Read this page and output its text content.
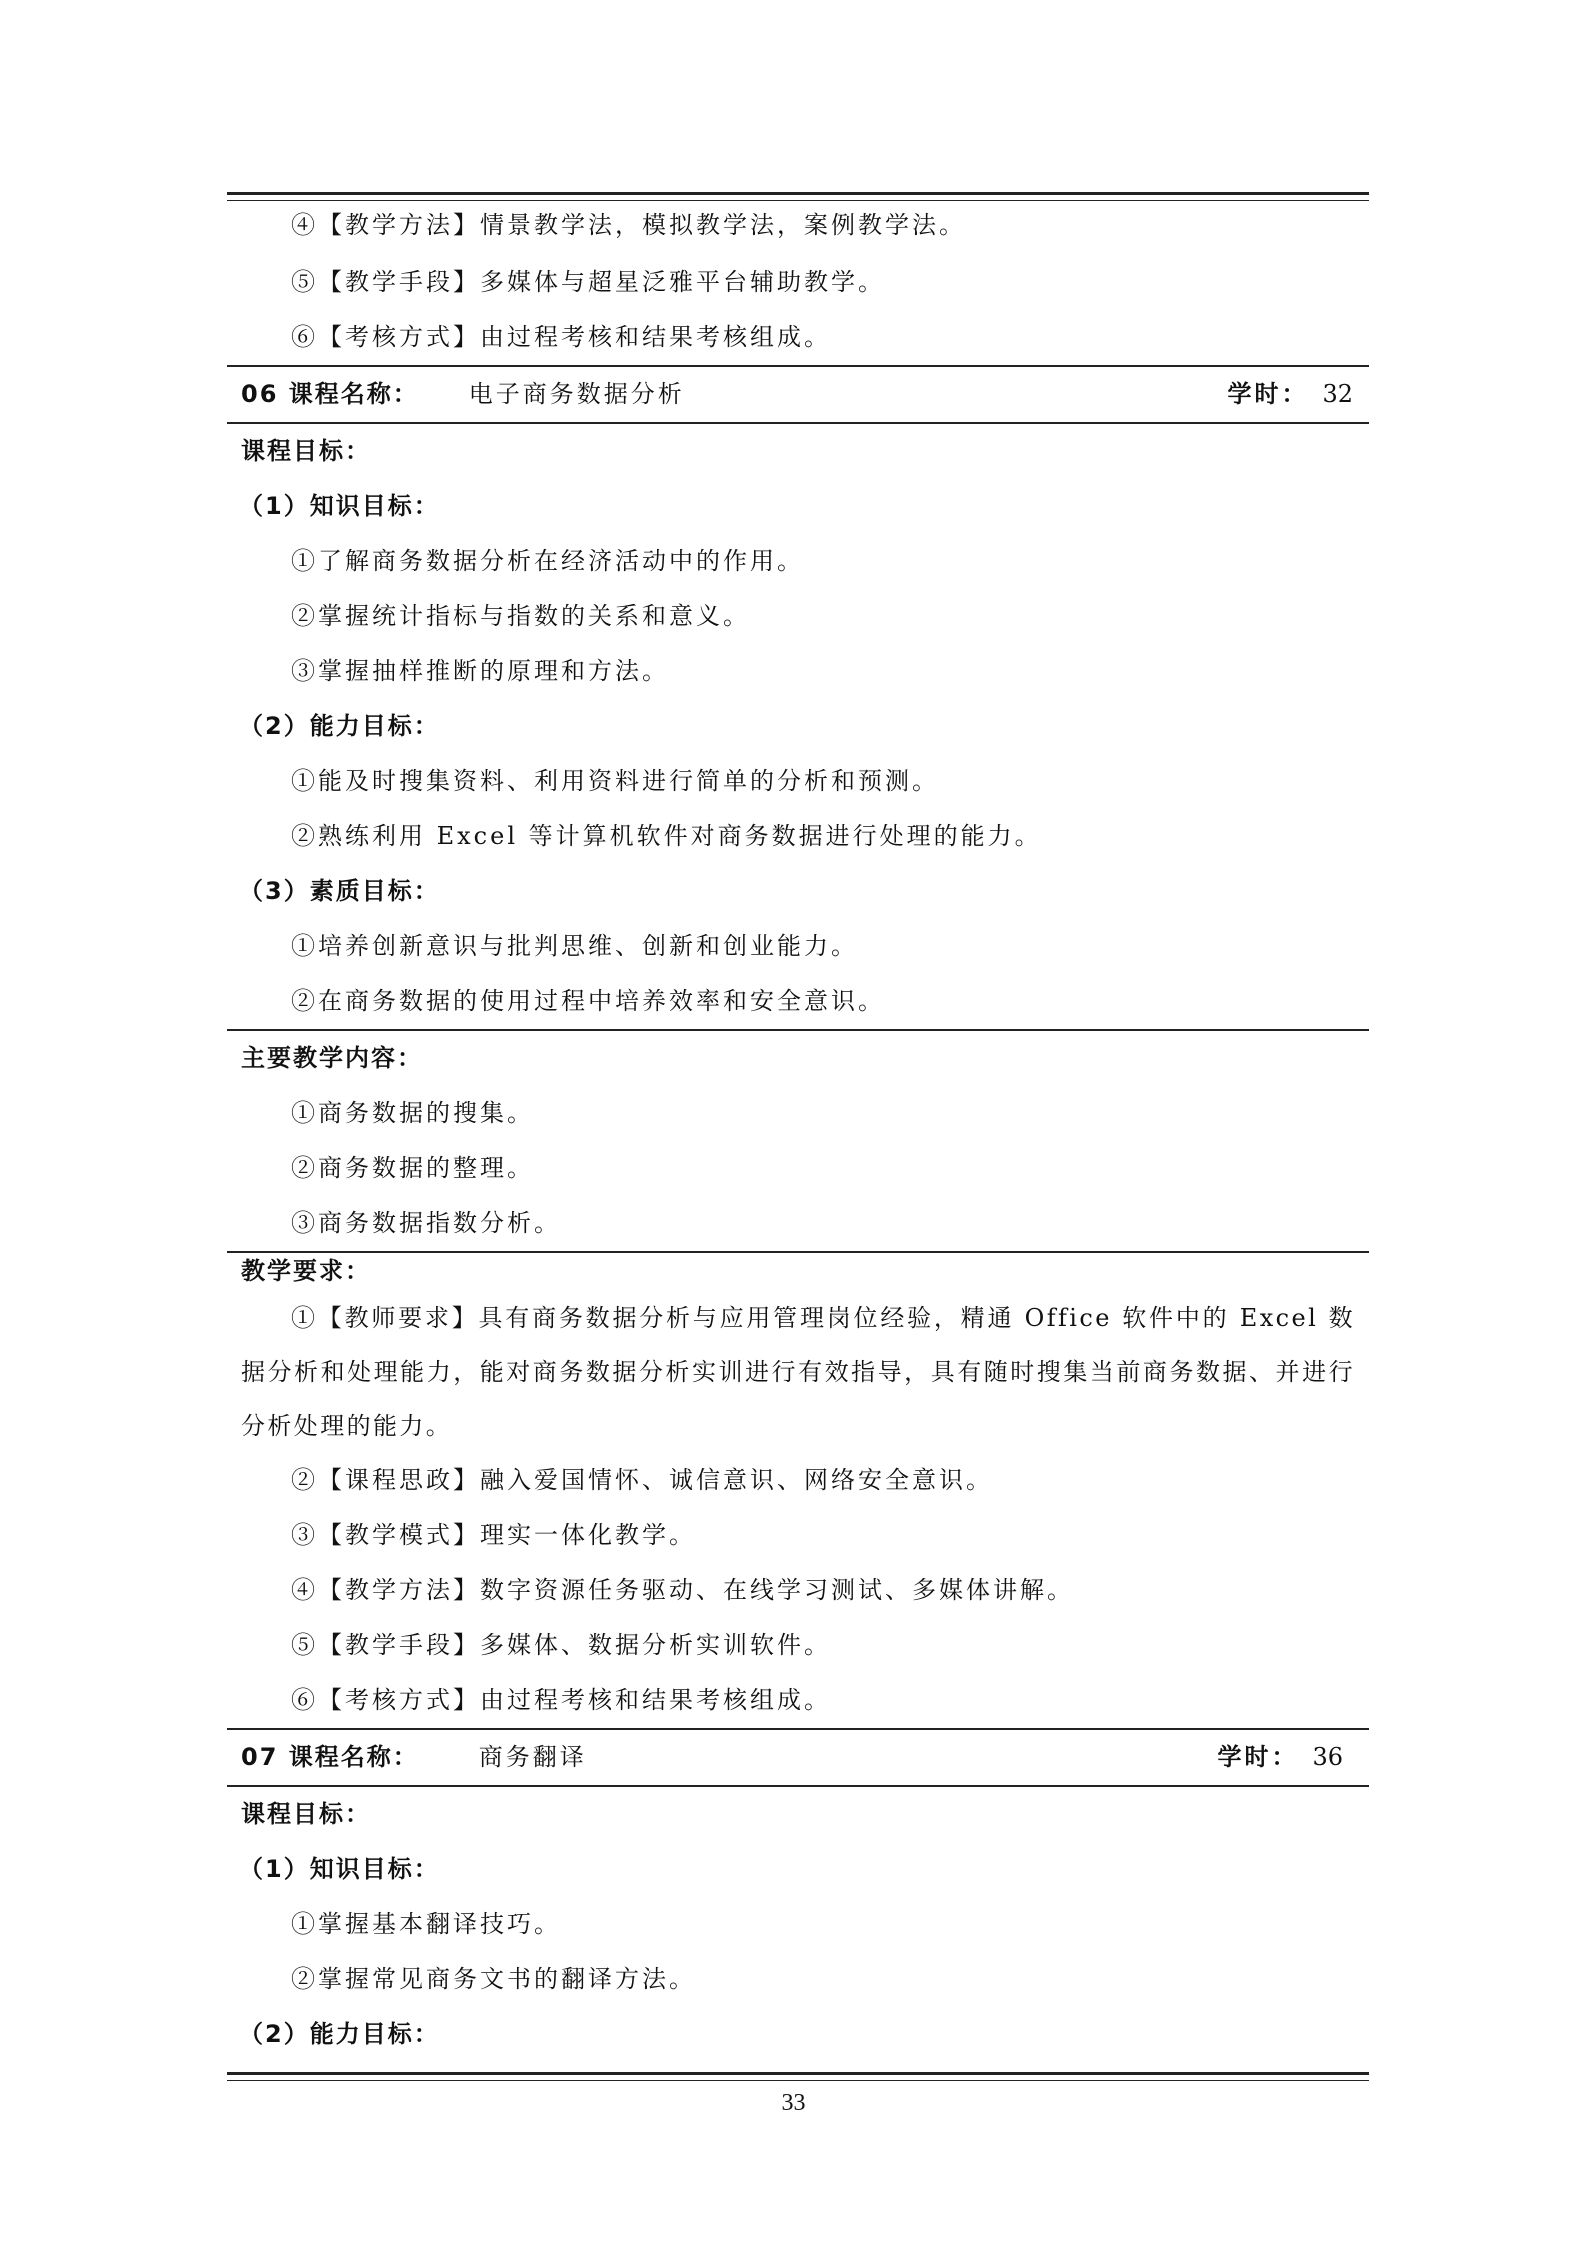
④【教学方法】情景教学法，模拟教学法，案例教学法。
⑤【教学手段】多媒体与超星泛雅平台辅助教学。
⑥【考核方式】由过程考核和结果考核组成。
06 课程名称： 电子商务数据分析	学时： 32
课程目标：
（1）知识目标：
①了解商务数据分析在经济活动中的作用。
②掌握统计指标与指数的关系和意义。
③掌握抽样推断的原理和方法。
（2）能力目标：
①能及时搜集资料、利用资料进行简单的分析和预测。
②熟练利用 Excel 等计算机软件对商务数据进行处理的能力。
（3）素质目标：
①培养创新意识与批判思维、创新和创业能力。
②在商务数据的使用过程中培养效率和安全意识。
主要教学内容：
①商务数据的搜集。
②商务数据的整理。
③商务数据指数分析。
教学要求：
①【教师要求】具有商务数据分析与应用管理岗位经验，精通 Office 软件中的 Excel 数据分析和处理能力，能对商务数据分析实训进行有效指导，具有随时搜集当前商务数据、并进行分析处理的能力。
②【课程思政】融入爱国情怀、诚信意识、网络安全意识。
③【教学模式】理实一体化教学。
④【教学方法】数字资源任务驱动、在线学习测试、多媒体讲解。
⑤【教学手段】多媒体、数据分析实训软件。
⑥【考核方式】由过程考核和结果考核组成。
07 课程名称：	商务翻译	学时： 36
课程目标：
（1）知识目标：
①掌握基本翻译技巧。
②掌握常见商务文书的翻译方法。
（2）能力目标：
33
